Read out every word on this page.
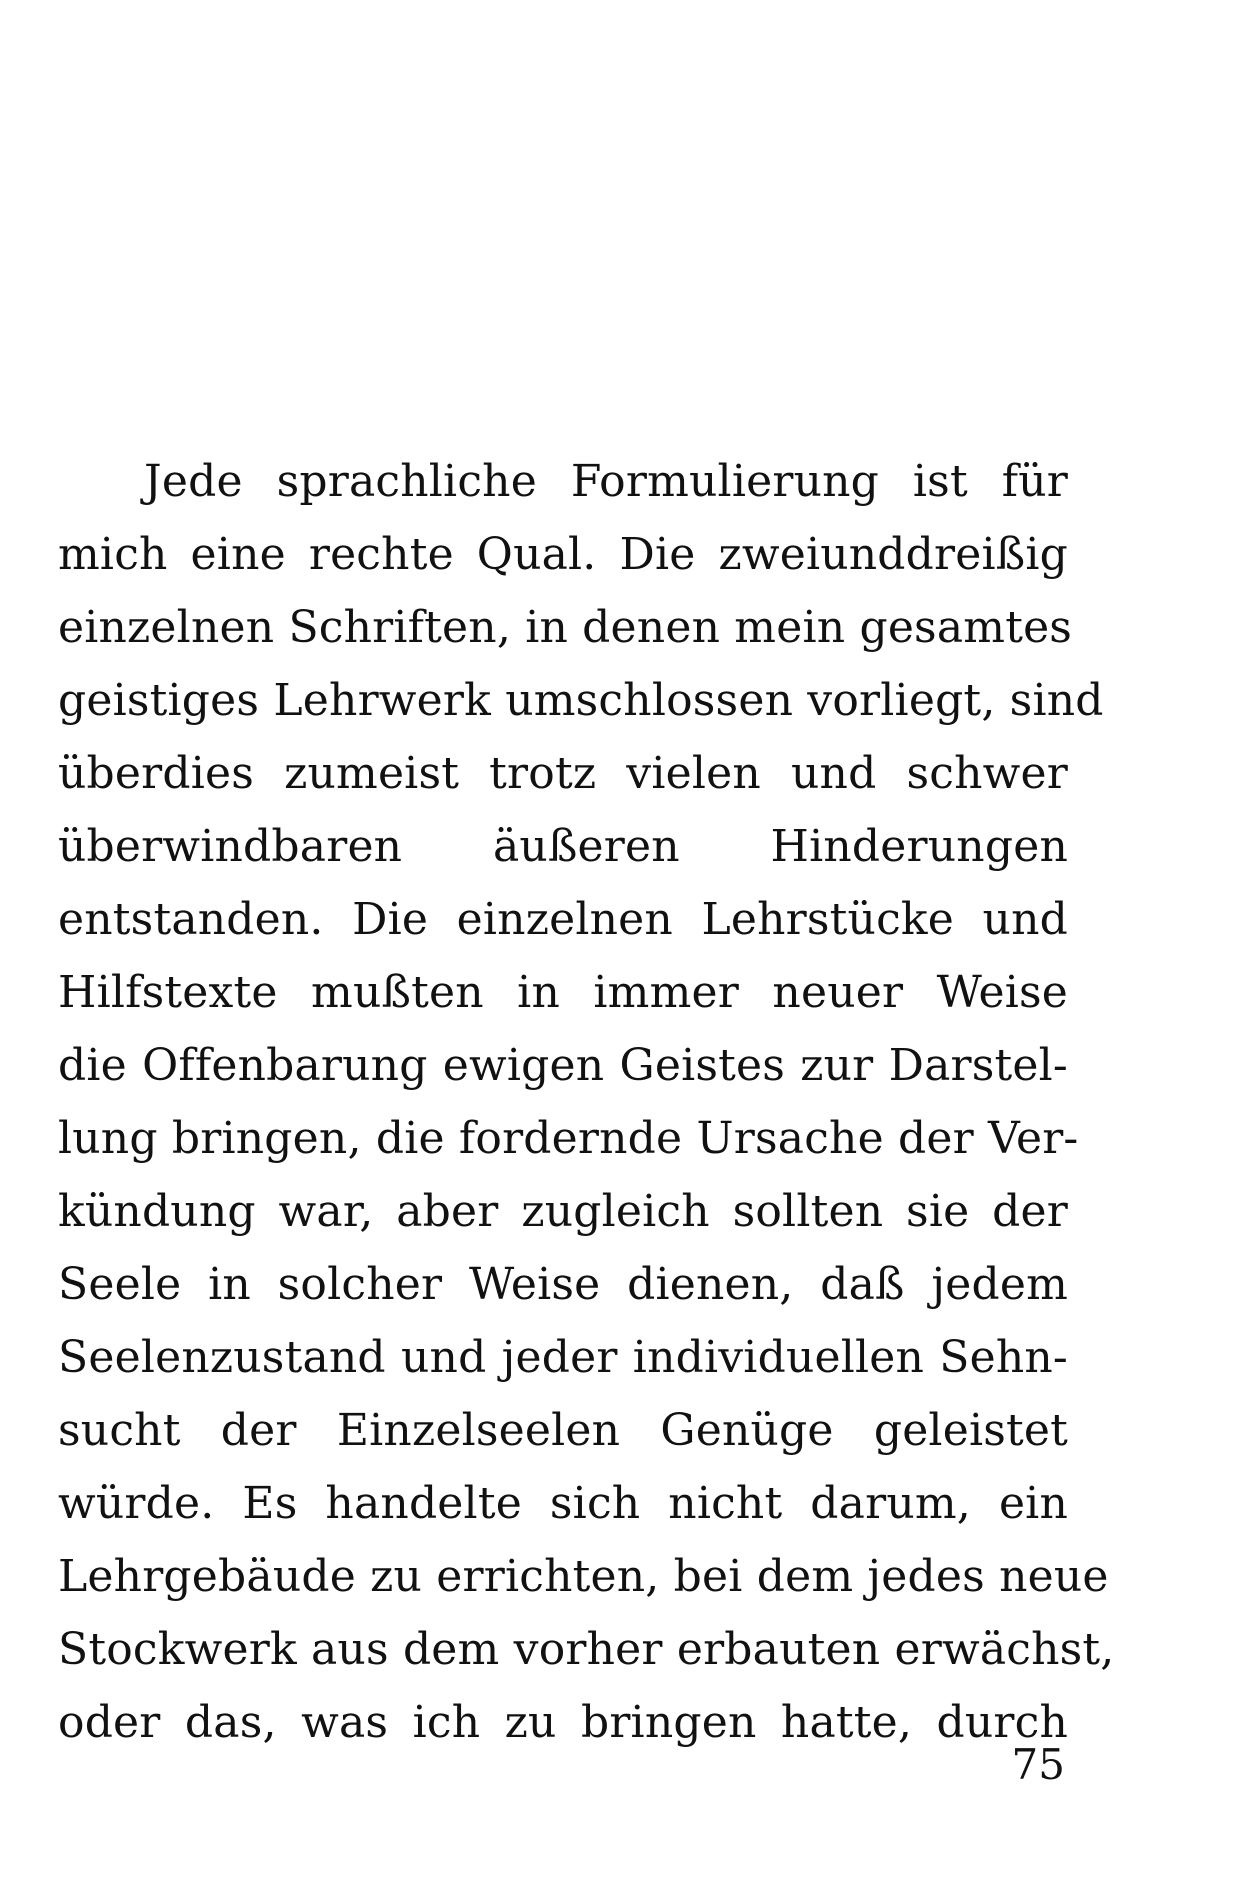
Jede sprachliche Formulierung ist für
mich eine rechte Qual. Die zweiunddreißig
einzelnen Schriften, in denen mein gesamtes
geistiges Lehrwerk umschlossen vorliegt, sind
überdies zumeist trotz vielen und schwer
überwindbaren äußeren Hinderungen
entstanden. Die einzelnen Lehrstücke und
Hilfstexte mußten in immer neuer Weise
die Offenbarung ewigen Geistes zur Darstel-
lung bringen, die fordernde Ursache der Ver-
kündung war, aber zugleich sollten sie der
Seele in solcher Weise dienen, daß jedem
Seelenzustand und jeder individuellen Sehn-
sucht der Einzelseelen Genüge geleistet
würde. Es handelte sich nicht darum, ein
Lehrgebäude zu errichten, bei dem jedes neue
Stockwerk aus dem vorher erbauten erwächst,
oder das, was ich zu bringen hatte, durch
75
